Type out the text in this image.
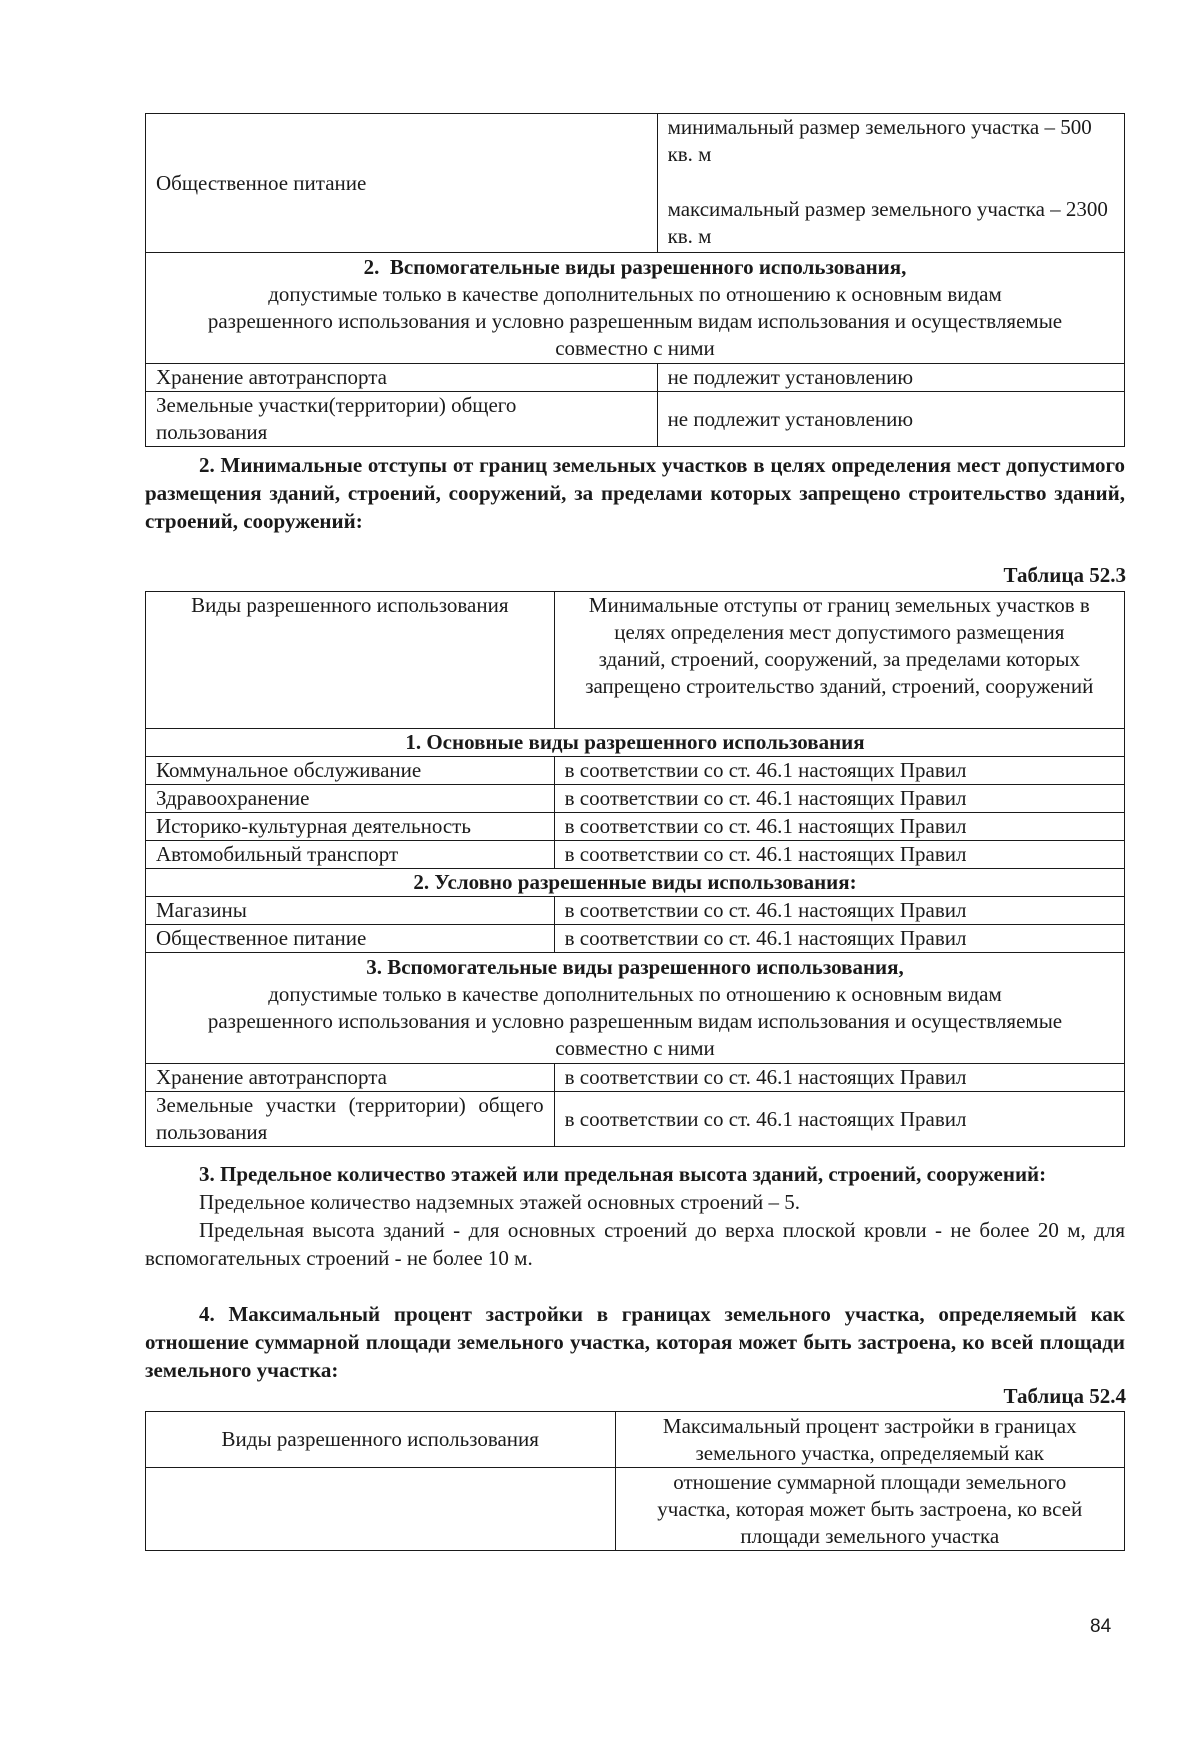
Общественное питание	минимальный размер земельного участка – 500 кв. м
максимальный размер земельного участка – 2300 кв. м

2.  Вспомогательные виды разрешенного использования,
допустимые только в качестве дополнительных по отношению к основным видам разрешенного использования и условно разрешенным видам использования и осуществляемые совместно с ними	

Хранение автотранспорта	не подлежит установлению
Земельные участки(территории) общего пользования	не подлежит установлению
2. Минимальные отступы от границ земельных участков в целях определения мест допустимого размещения зданий, строений, сооружений, за пределами которых запрещено строительство зданий, строений, сооружений:
Таблица 52.3
Виды разрешенного использования	Минимальные отступы от границ земельных участков в целях определения мест допустимого размещения зданий, строений, сооружений, за пределами которых запрещено строительство зданий, строений, сооружений
1. Основные виды разрешенного использования	
Коммунальное обслуживание	в соответствии со ст. 46.1 настоящих Правил
Здравоохранение	в соответствии со ст. 46.1 настоящих Правил
Историко-культурная деятельность	в соответствии со ст. 46.1 настоящих Правил
Автомобильный транспорт	в соответствии со ст. 46.1 настоящих Правил
2. Условно разрешенные виды использования:	
Магазины	в соответствии со ст. 46.1 настоящих Правил
Общественное питание	в соответствии со ст. 46.1 настоящих Правил

3. Вспомогательные виды разрешенного использования,
допустимые только в качестве дополнительных по отношению к основным видам разрешенного использования и условно разрешенным видам использования и осуществляемые совместно с ними	

Хранение автотранспорта	в соответствии со ст. 46.1 настоящих Правил
Земельные участки (территории) общего пользования	в соответствии со ст. 46.1 настоящих Правил
3. Предельное количество этажей или предельная высота зданий, строений, сооружений:
Предельное количество надземных этажей основных строений – 5.
Предельная высота зданий - для основных строений до верха плоской кровли - не более 20 м, для вспомогательных строений - не более 10 м.
4. Максимальный процент застройки в границах земельного участка, определяемый как отношение суммарной площади земельного участка, которая может быть застроена, ко всей площади земельного участка:
Таблица 52.4
Виды разрешенного использования	Максимальный процент застройки в границах земельного участка, определяемый как
	отношение суммарной площади земельного участка, которая может быть застроена, ко всей площади земельного участка
84
